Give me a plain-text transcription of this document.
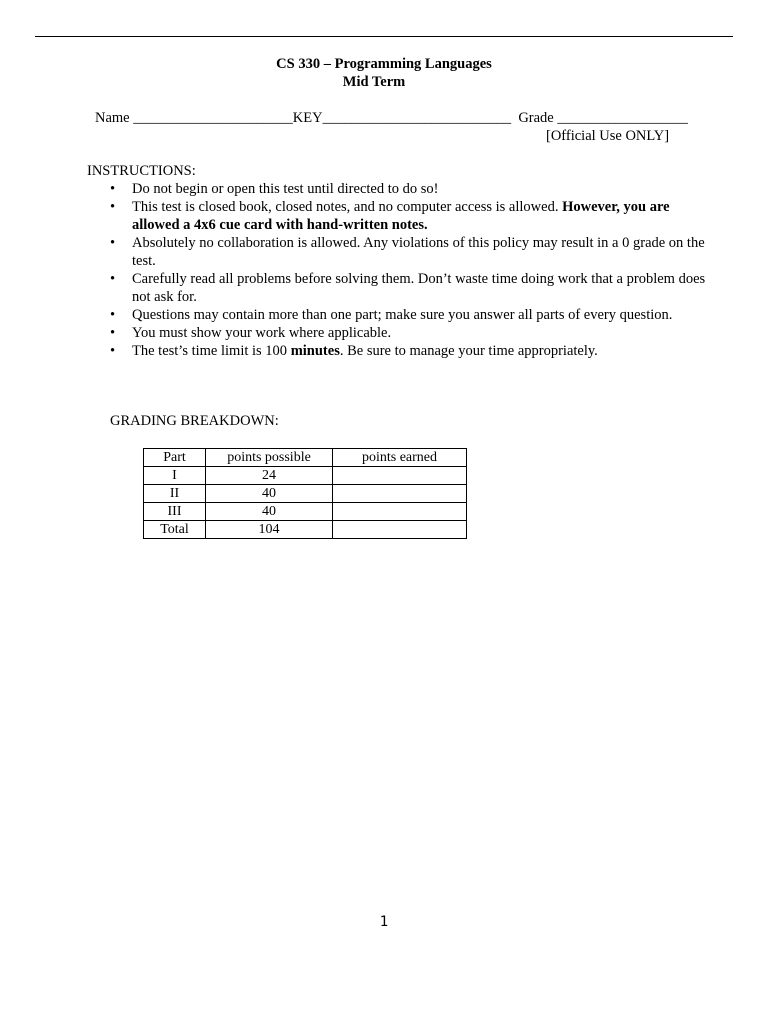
CS 330 – Programming Languages
Mid Term
Name ______________________KEY__________________________ Grade __________________
[Official Use ONLY]
INSTRUCTIONS:
• Do not begin or open this test until directed to do so!
• This test is closed book, closed notes, and no computer access is allowed. However, you are allowed a 4x6 cue card with hand-written notes.
• Absolutely no collaboration is allowed. Any violations of this policy may result in a 0 grade on the test.
• Carefully read all problems before solving them. Don’t waste time doing work that a problem does not ask for.
• Questions may contain more than one part; make sure you answer all parts of every question.
• You must show your work where applicable.
• The test’s time limit is 100 minutes. Be sure to manage your time appropriately.
GRADING BREAKDOWN:
Part	points possible	points earned
I	24	
II	40	
III	40	
Total	104	
1
